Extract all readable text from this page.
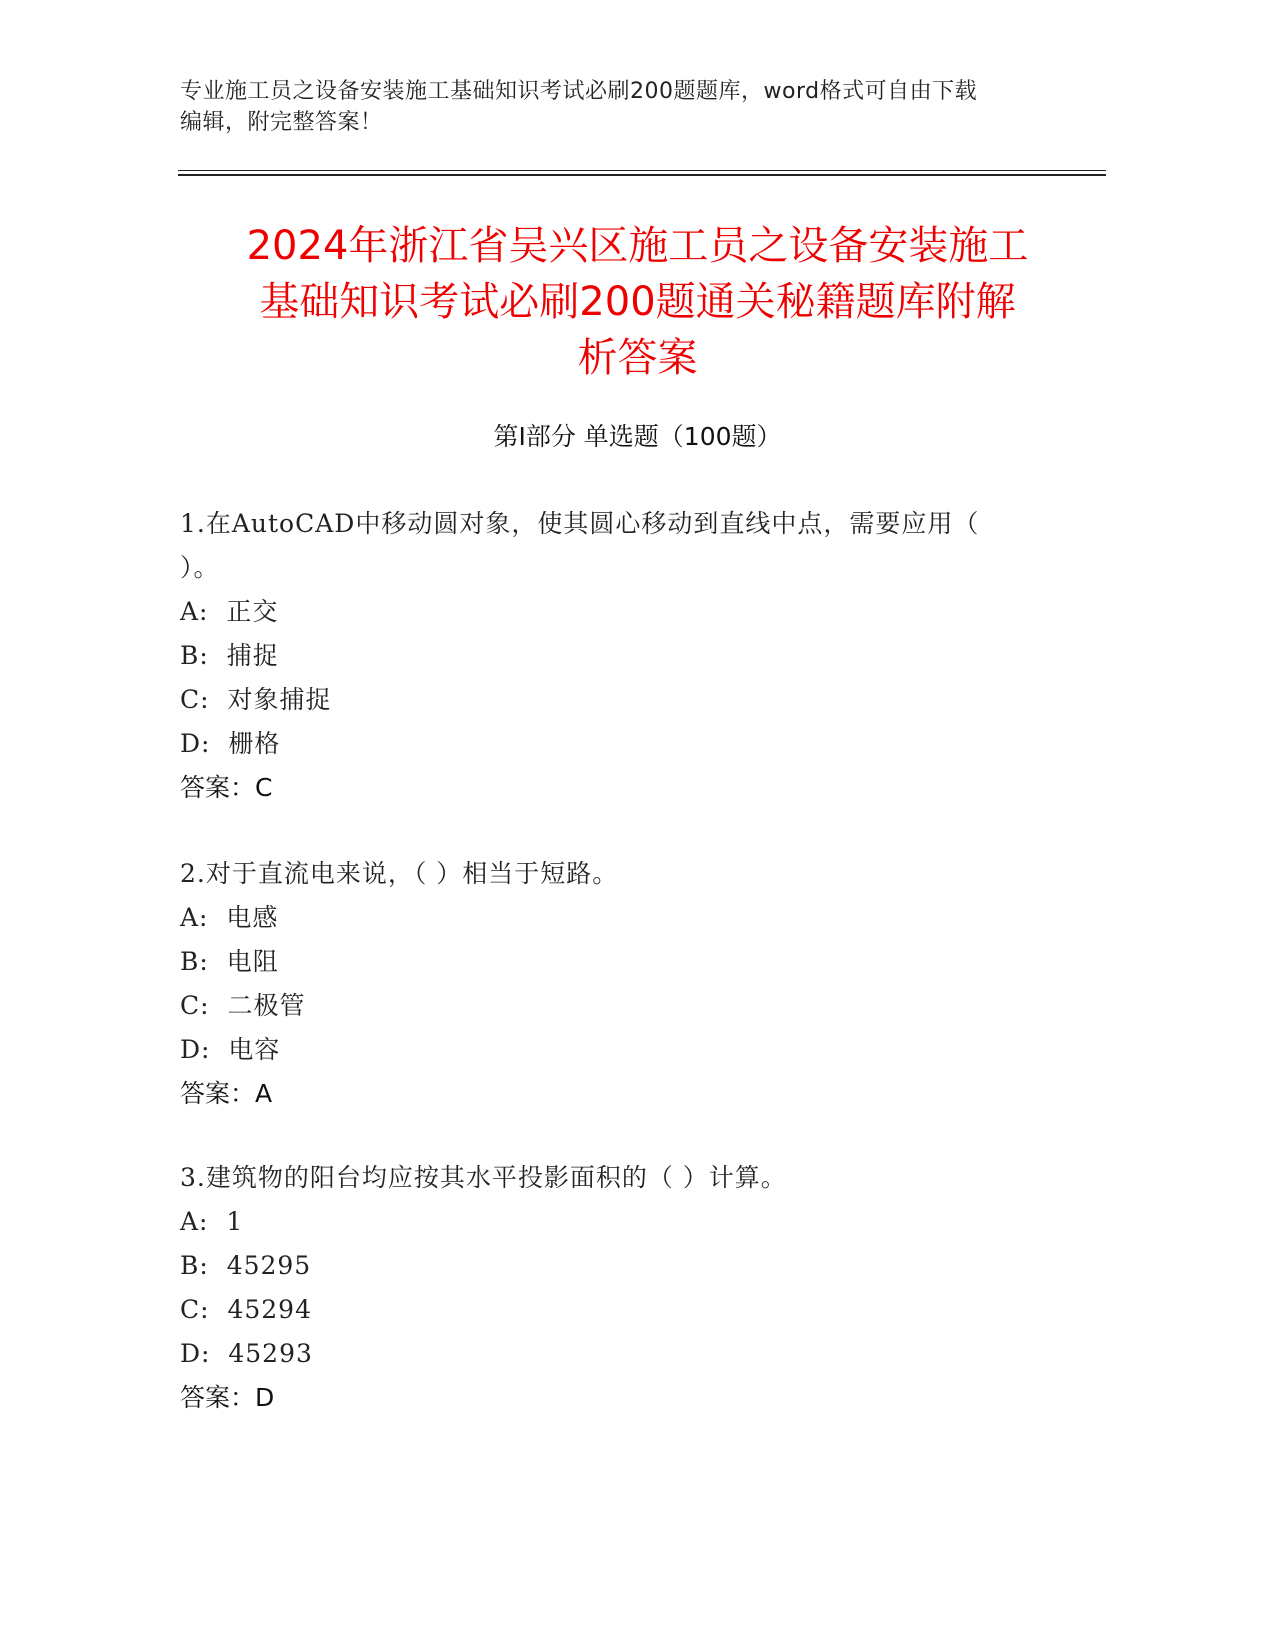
专业施工员之设备安装施工基础知识考试必刷200题题库，word格式可自由下载
编辑，附完整答案！
2024年浙江省吴兴区施工员之设备安装施工
基础知识考试必刷200题通关秘籍题库附解
析答案
第Ⅰ部分 单选题（100题）

1.在AutoCAD中移动圆对象，使其圆心移动到直线中点，需要应用（

）。

A:  正交

B:  捕捉

C:  对象捕捉

D:  栅格

答案：C

2.对于直流电来说，（ ）相当于短路。

A:  电感

B:  电阻

C:  二极管

D:  电容

答案：A

3.建筑物的阳台均应按其水平投影面积的（ ）计算。

A:  1

B:  45295

C:  45294

D:  45293

答案：D
